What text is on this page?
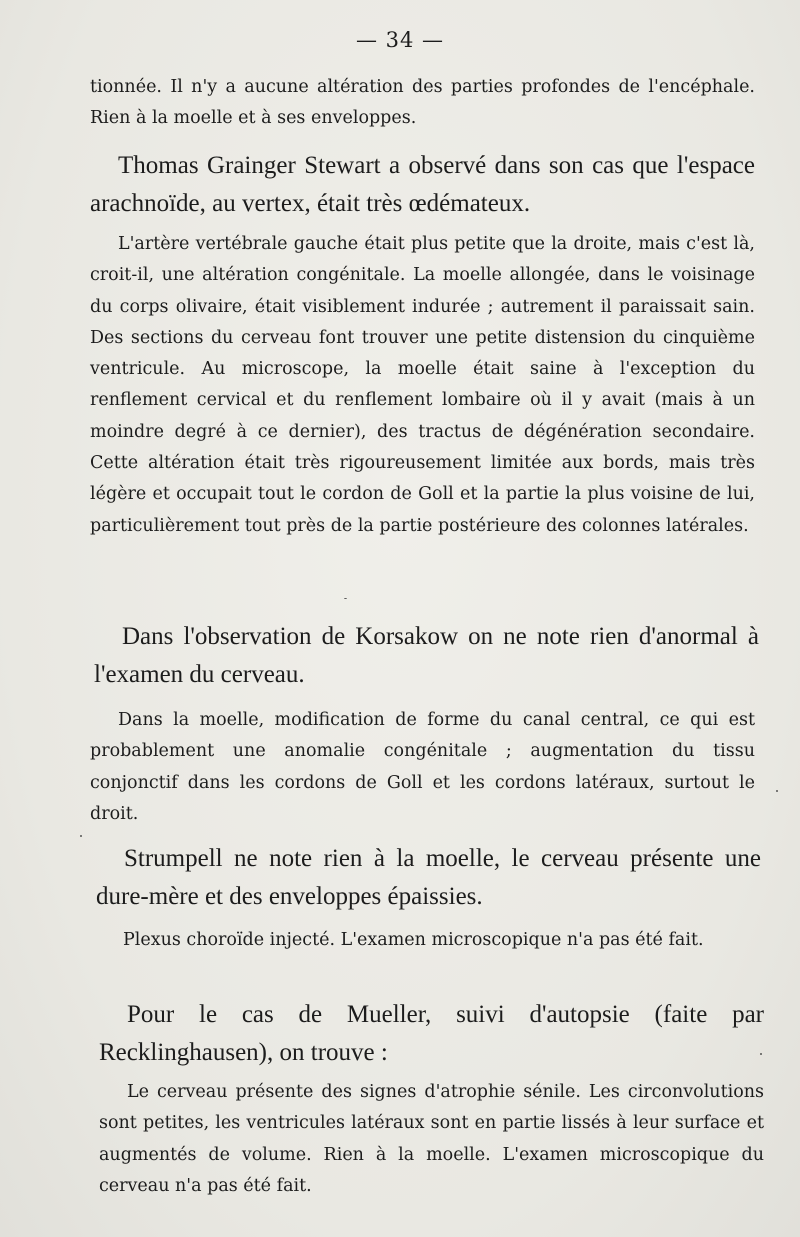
— 34 —

tionnée. Il n'y a aucune altération des parties profondes de l'encéphale. Rien à la moelle et à ses enveloppes.

Thomas Grainger Stewart a observé dans son cas que l'espace arachnoïde, au vertex, était très œdémateux.

L'artère vertébrale gauche était plus petite que la droite, mais c'est là, croit-il, une altération congénitale. La moelle allongée, dans le voisinage du corps olivaire, était visiblement indurée ; autrement il paraissait sain. Des sections du cerveau font trouver une petite distension du cinquième ventricule. Au microscope, la moelle était saine à l'exception du renflement cervical et du renflement lombaire où il y avait (mais à un moindre degré à ce dernier), des tractus de dégénération secondaire. Cette altération était très rigoureusement limitée aux bords, mais très légère et occupait tout le cordon de Goll et la partie la plus voisine de lui, particulièrement tout près de la partie postérieure des colonnes latérales.

Dans l'observation de Korsakow on ne note rien d'anormal à l'examen du cerveau.

Dans la moelle, modification de forme du canal central, ce qui est probablement une anomalie congénitale ; augmentation du tissu conjonctif dans les cordons de Goll et les cordons latéraux, surtout le droit.

Strumpell ne note rien à la moelle, le cerveau présente une dure-mère et des enveloppes épaissies.

Plexus choroïde injecté. L'examen microscopique n'a pas été fait.

Pour le cas de Mueller, suivi d'autopsie (faite par Recklinghausen), on trouve :

Le cerveau présente des signes d'atrophie sénile. Les circonvolutions sont petites, les ventricules latéraux sont en partie lissés à leur surface et augmentés de volume. Rien à la moelle. L'examen microscopique du cerveau n'a pas été fait.
